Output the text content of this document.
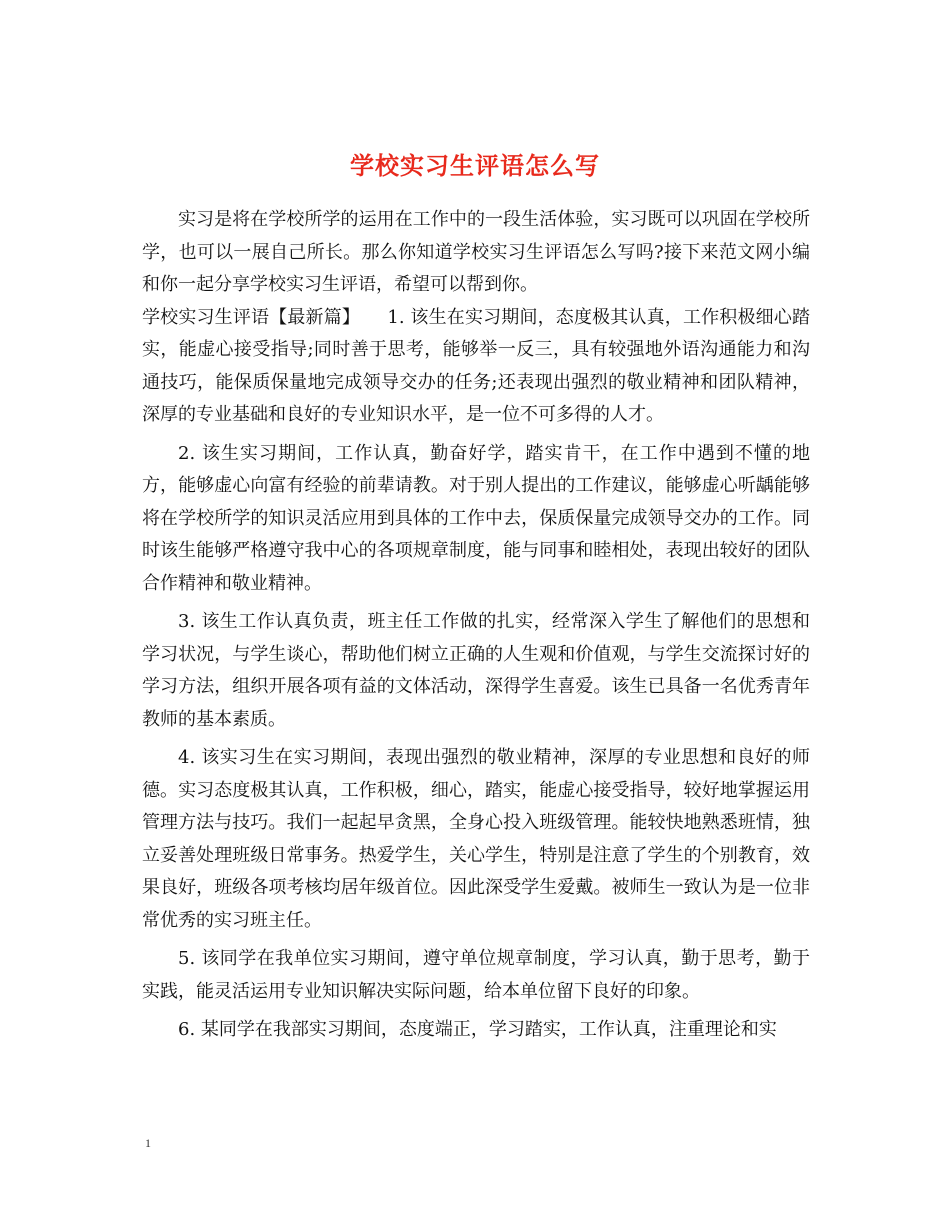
学校实习生评语怎么写

实习是将在学校所学的运用在工作中的一段生活体验，实习既可以巩固在学校所学，也可以一展自己所长。那么你知道学校实习生评语怎么写吗?接下来范文网小编和你一起分享学校实习生评语，希望可以帮到你。

学校实习生评语【最新篇】　　1. 该生在实习期间，态度极其认真，工作积极细心踏实，能虚心接受指导;同时善于思考，能够举一反三，具有较强地外语沟通能力和沟通技巧，能保质保量地完成领导交办的任务;还表现出强烈的敬业精神和团队精神，深厚的专业基础和良好的专业知识水平，是一位不可多得的人才。

2. 该生实习期间，工作认真，勤奋好学，踏实肯干，在工作中遇到不懂的地方，能够虚心向富有经验的前辈请教。对于别人提出的工作建议，能够虚心听龋能够将在学校所学的知识灵活应用到具体的工作中去，保质保量完成领导交办的工作。同时该生能够严格遵守我中心的各项规章制度，能与同事和睦相处，表现出较好的团队合作精神和敬业精神。

3. 该生工作认真负责，班主任工作做的扎实，经常深入学生了解他们的思想和学习状况，与学生谈心，帮助他们树立正确的人生观和价值观，与学生交流探讨好的学习方法，组织开展各项有益的文体活动，深得学生喜爱。该生已具备一名优秀青年教师的基本素质。

4. 该实习生在实习期间，表现出强烈的敬业精神，深厚的专业思想和良好的师德。实习态度极其认真，工作积极，细心，踏实，能虚心接受指导，较好地掌握运用管理方法与技巧。我们一起起早贪黑，全身心投入班级管理。能较快地熟悉班情，独立妥善处理班级日常事务。热爱学生，关心学生，特别是注意了学生的个别教育，效果良好，班级各项考核均居年级首位。因此深受学生爱戴。被师生一致认为是一位非常优秀的实习班主任。

5. 该同学在我单位实习期间，遵守单位规章制度，学习认真，勤于思考，勤于实践，能灵活运用专业知识解决实际问题，给本单位留下良好的印象。

6. 某同学在我部实习期间，态度端正，学习踏实，工作认真，注重理论和实

1
